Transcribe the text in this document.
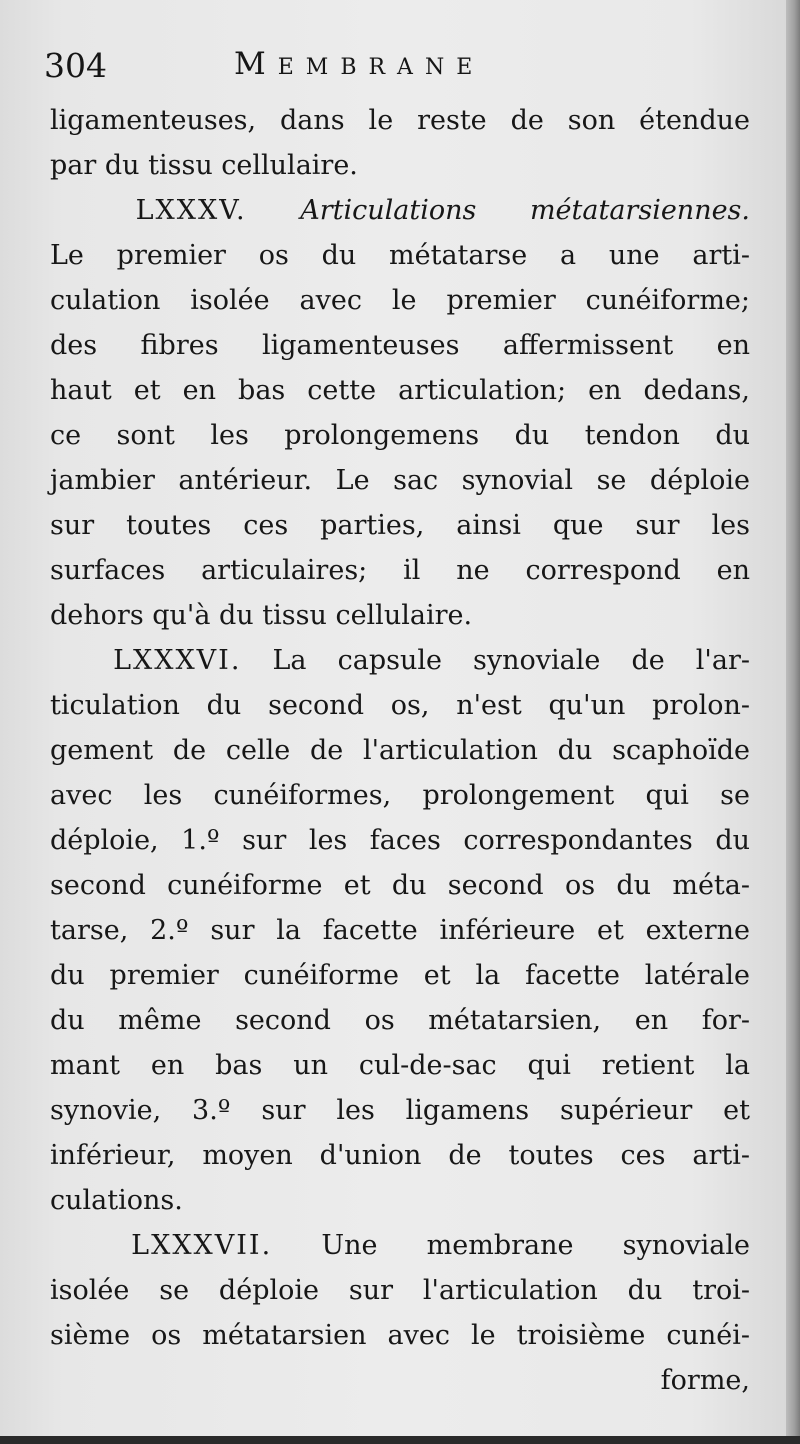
304	Membrane
ligamenteuses, dans le reste de son étendue
par du tissu cellulaire.
LXXXV. Articulations métatarsiennes.
Le premier os du métatarse a une arti-
culation isolée avec le premier cunéiforme;
des fibres ligamenteuses affermissent en
haut et en bas cette articulation; en dedans,
ce sont les prolongemens du tendon du
jambier antérieur. Le sac synovial se déploie
sur toutes ces parties, ainsi que sur les
surfaces articulaires; il ne correspond en
dehors qu'à du tissu cellulaire.
LXXXVI. La capsule synoviale de l'ar-
ticulation du second os, n'est qu'un prolon-
gement de celle de l'articulation du scaphoïde
avec les cunéiformes, prolongement qui se
déploie, 1.º sur les faces correspondantes du
second cunéiforme et du second os du méta-
tarse, 2.º sur la facette inférieure et externe
du premier cunéiforme et la facette latérale
du même second os métatarsien, en for-
mant en bas un cul-de-sac qui retient la
synovie, 3.º sur les ligamens supérieur et
inférieur, moyen d'union de toutes ces arti-
culations.
LXXXVII. Une membrane synoviale
isolée se déploie sur l'articulation du troi-
sième os métatarsien avec le troisième cunéi-
forme,
